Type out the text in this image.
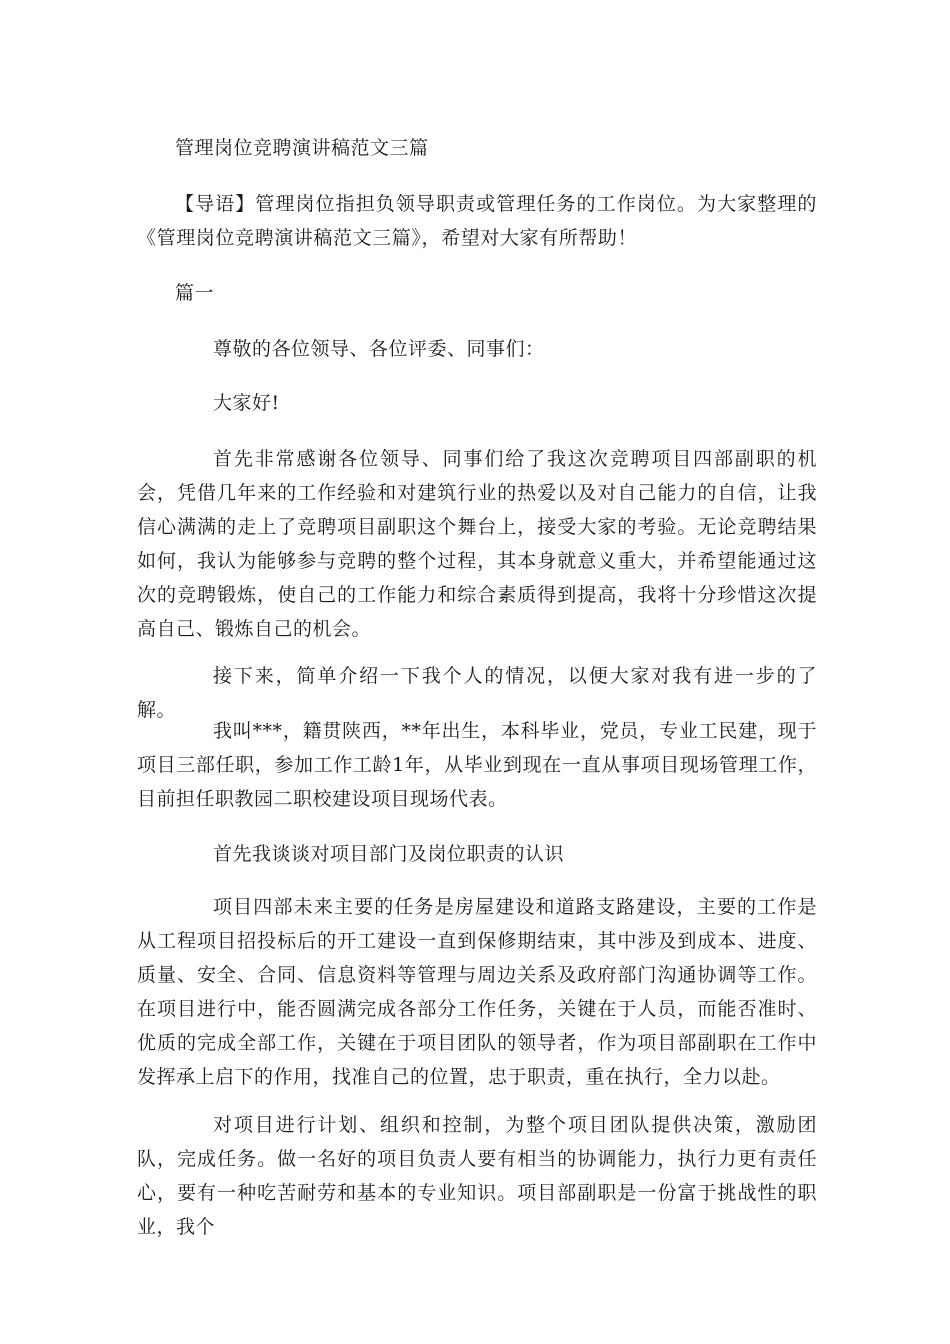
管理岗位竞聘演讲稿范文三篇

【导语】管理岗位指担负领导职责或管理任务的工作岗位。为大家整理的《管理岗位竞聘演讲稿范文三篇》，希望对大家有所帮助！

篇一
尊敬的各位领导、各位评委、同事们：
大家好!

首先非常感谢各位领导、同事们给了我这次竞聘项目四部副职的机会，凭借几年来的工作经验和对建筑行业的热爱以及对自己能力的自信，让我信心满满的走上了竞聘项目副职这个舞台上，接受大家的考验。无论竞聘结果如何，我认为能够参与竞聘的整个过程，其本身就意义重大，并希望能通过这次的竞聘锻炼，使自己的工作能力和综合素质得到提高，我将十分珍惜这次提高自己、锻炼自己的机会。

接下来，简单介绍一下我个人的情况，以便大家对我有进一步的了解。

我叫***，籍贯陕西，**年出生，本科毕业，党员，专业工民建，现于项目三部任职，参加工作工龄1年，从毕业到现在一直从事项目现场管理工作，目前担任职教园二职校建设项目现场代表。

首先我谈谈对项目部门及岗位职责的认识

项目四部未来主要的任务是房屋建设和道路支路建设，主要的工作是从工程项目招投标后的开工建设一直到保修期结束，其中涉及到成本、进度、质量、安全、合同、信息资料等管理与周边关系及政府部门沟通协调等工作。在项目进行中，能否圆满完成各部分工作任务，关键在于人员，而能否准时、优质的完成全部工作，关键在于项目团队的领导者，作为项目部副职在工作中发挥承上启下的作用，找准自己的位置，忠于职责，重在执行，全力以赴。

对项目进行计划、组织和控制，为整个项目团队提供决策，激励团队，完成任务。做一名好的项目负责人要有相当的协调能力，执行力更有责任心，要有一种吃苦耐劳和基本的专业知识。项目部副职是一份富于挑战性的职业，我个
